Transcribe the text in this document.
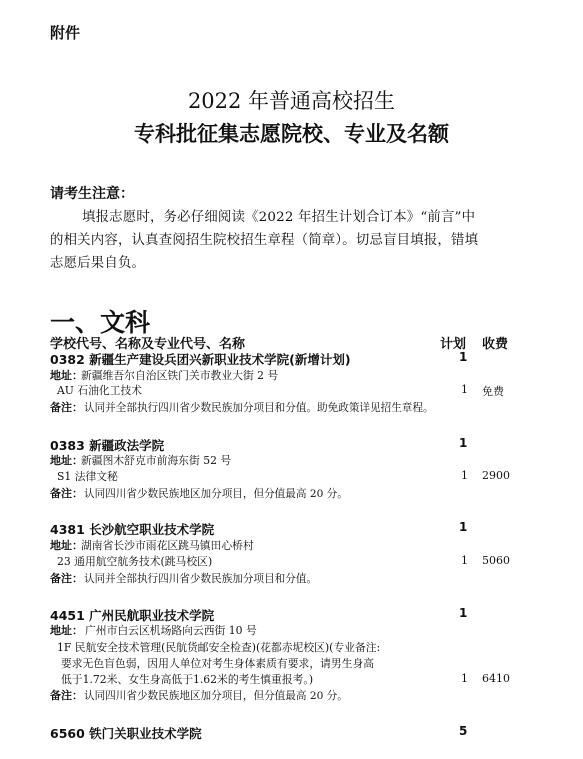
附件
2022 年普通高校招生
专科批征集志愿院校、专业及名额
请考生注意：
填报志愿时，务必仔细阅读《2022 年招生计划合订本》“前言”中
的相关内容，认真查阅招生院校招生章程（简章）。切忌盲目填报，错填
志愿后果自负。
一、文科
学校代号、名称及专业代号、名称	计划 收费
0382 新疆生产建设兵团兴新职业技术学院(新增计划)	1
地址：
新疆维吾尔自治区铁门关市教业大街 2 号
AU 石油化工技术	1 免费
备注： 认同并全部执行四川省少数民族加分项目和分值。助免政策详见招生章程。
0383 新疆政法学院	1
地址：
新疆图木舒克市前海东街 52 号
S1 法律文秘	1 2900
备注： 认同四川省少数民族地区加分项目，但分值最高 20 分。
4381 长沙航空职业技术学院	1
地址：
湖南省长沙市雨花区跳马镇田心桥村
23 通用航空航务技术(跳马校区)	1 5060
备注： 认同并全部执行四川省少数民族加分项目和分值。
4451 广州民航职业技术学院	1
地址： 广州市白云区机场路向云西街 10 号
1F 民航安全技术管理(民航货邮安全检查)(花都赤坭校区)(专业备注:
要求无色盲色弱，因用人单位对考生身体素质有要求，请男生身高
低于1.72米、女生身高低于1.62米的考生慎重报考。)	1 6410
备注： 认同四川省少数民族地区加分项目，但分值最高 20 分。
6560 铁门关职业技术学院	5
